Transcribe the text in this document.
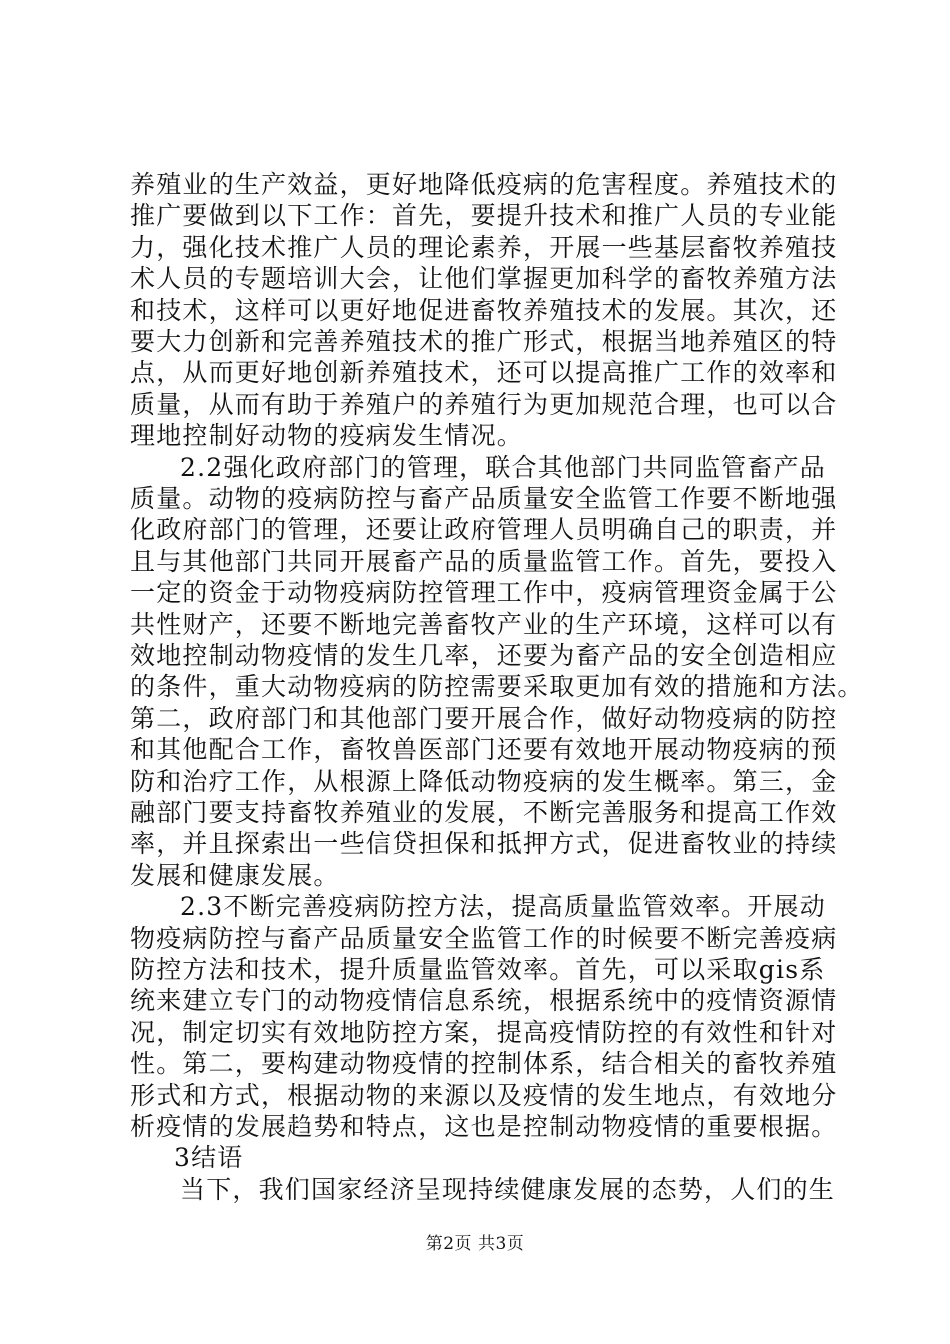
养殖业的生产效益，更好地降低疫病的危害程度。养殖技术的
推广要做到以下工作：首先，要提升技术和推广人员的专业能
力，强化技术推广人员的理论素养，开展一些基层畜牧养殖技
术人员的专题培训大会，让他们掌握更加科学的畜牧养殖方法
和技术，这样可以更好地促进畜牧养殖技术的发展。其次，还
要大力创新和完善养殖技术的推广形式，根据当地养殖区的特
点，从而更好地创新养殖技术，还可以提高推广工作的效率和
质量，从而有助于养殖户的养殖行为更加规范合理，也可以合
理地控制好动物的疫病发生情况。
2.2强化政府部门的管理，联合其他部门共同监管畜产品
质量。动物的疫病防控与畜产品质量安全监管工作要不断地强
化政府部门的管理，还要让政府管理人员明确自己的职责，并
且与其他部门共同开展畜产品的质量监管工作。首先，要投入
一定的资金于动物疫病防控管理工作中，疫病管理资金属于公
共性财产，还要不断地完善畜牧产业的生产环境，这样可以有
效地控制动物疫情的发生几率，还要为畜产品的安全创造相应
的条件，重大动物疫病的防控需要采取更加有效的措施和方法。
第二，政府部门和其他部门要开展合作，做好动物疫病的防控
和其他配合工作，畜牧兽医部门还要有效地开展动物疫病的预
防和治疗工作，从根源上降低动物疫病的发生概率。第三，金
融部门要支持畜牧养殖业的发展，不断完善服务和提高工作效
率，并且探索出一些信贷担保和抵押方式，促进畜牧业的持续
发展和健康发展。
2.3不断完善疫病防控方法，提高质量监管效率。开展动
物疫病防控与畜产品质量安全监管工作的时候要不断完善疫病
防控方法和技术，提升质量监管效率。首先，可以采取gis系
统来建立专门的动物疫情信息系统，根据系统中的疫情资源情
况，制定切实有效地防控方案，提高疫情防控的有效性和针对
性。第二，要构建动物疫情的控制体系，结合相关的畜牧养殖
形式和方式，根据动物的来源以及疫情的发生地点，有效地分
析疫情的发展趋势和特点，这也是控制动物疫情的重要根据。
3结语
当下，我们国家经济呈现持续健康发展的态势，人们的生
第2页 共3页
